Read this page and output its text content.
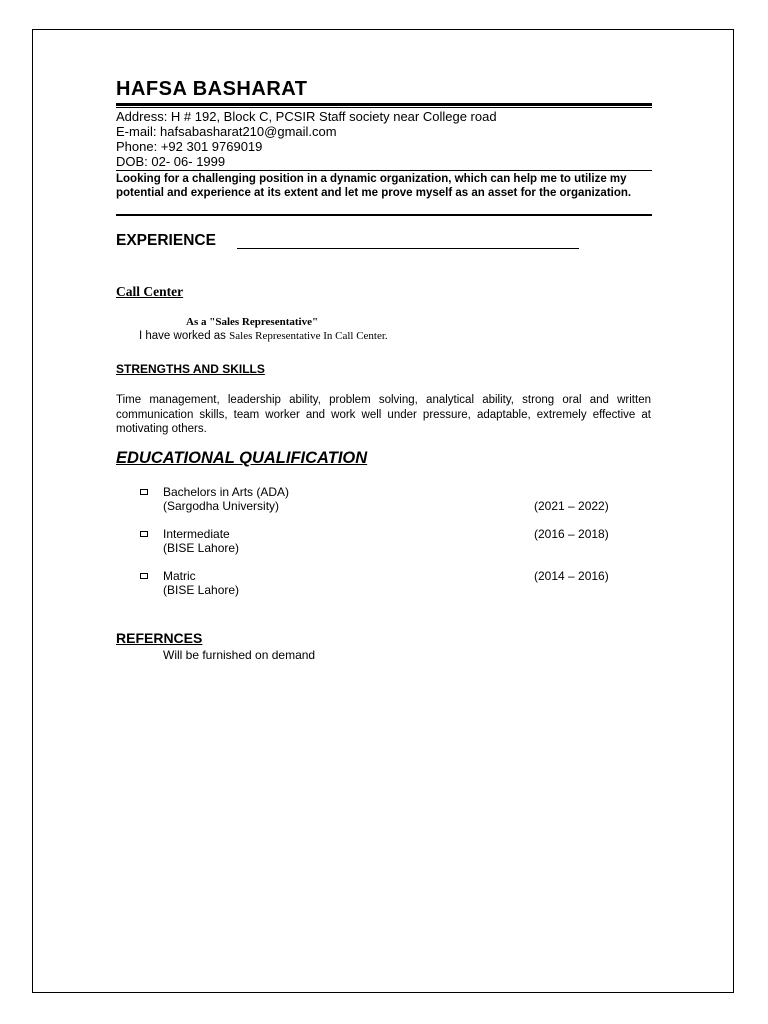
HAFSA BASHARAT
Address: H # 192, Block C, PCSIR Staff society near College road
E-mail: hafsabasharat210@gmail.com
Phone: +92 301 9769019
DOB: 02- 06- 1999
Looking for a challenging position in a dynamic organization, which can help me to utilize my potential and experience at its extent and let me prove myself as an asset for the organization.
EXPERIENCE
Call Center
As a "Sales Representative"
I have worked as Sales Representative In Call Center.
STRENGTHS AND SKILLS
Time management, leadership ability, problem solving, analytical ability, strong oral and written communication skills, team worker and work well under pressure, adaptable, extremely effective at motivating others.
EDUCATIONAL QUALIFICATION
Bachelors in Arts (ADA)
(Sargodha University)	(2021 – 2022)
Intermediate
(BISE Lahore)
(2016 – 2018)
Matric
(BISE Lahore)
(2014 – 2016)
REFERNCES
Will be furnished on demand
